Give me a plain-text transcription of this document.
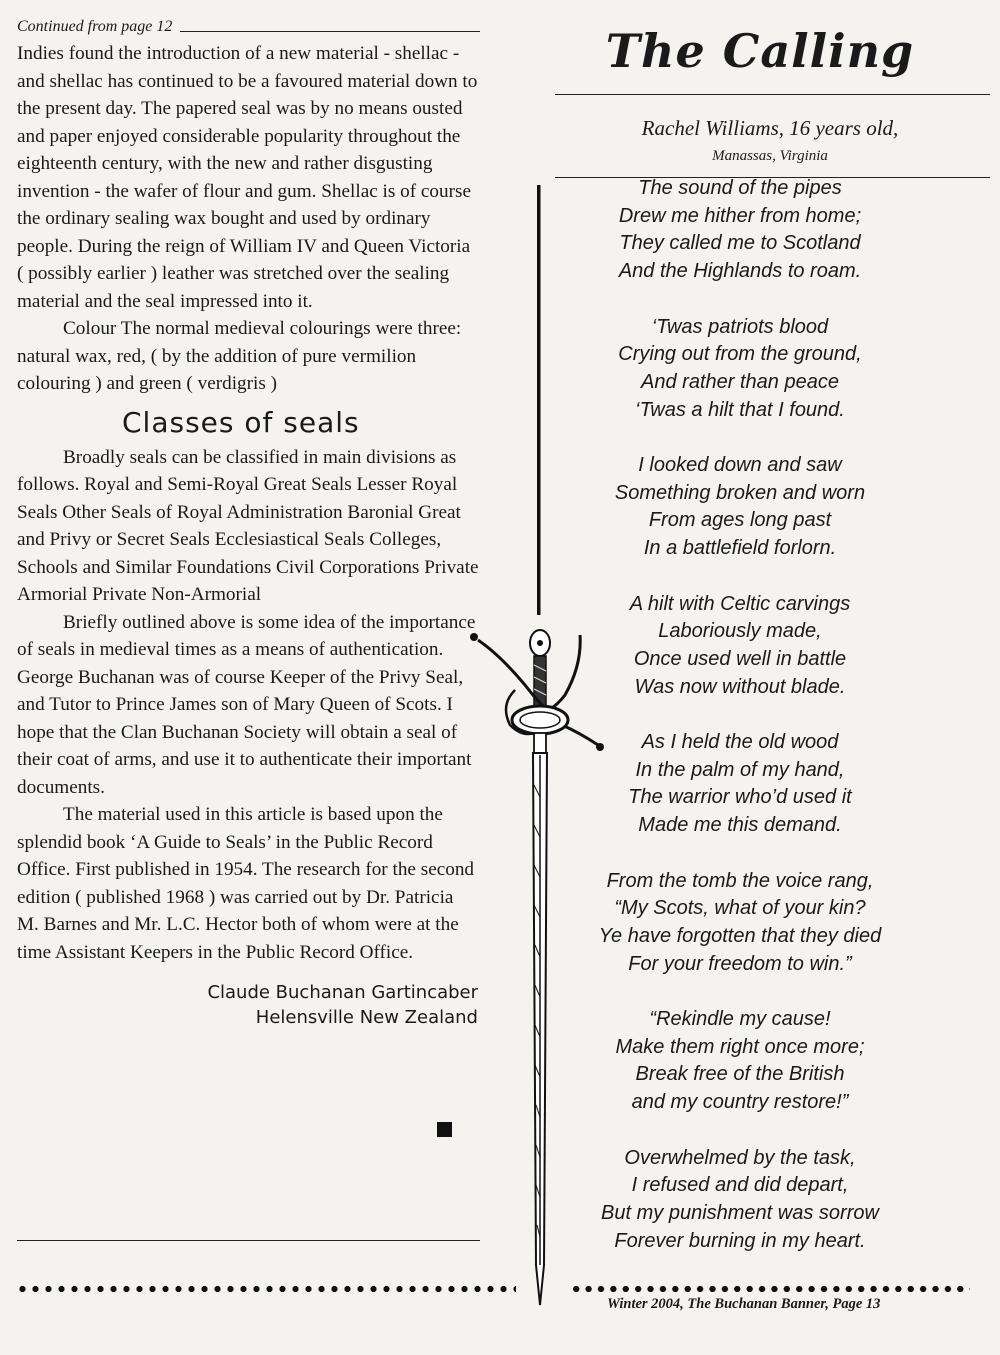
Continued from page 12

Indies found the introduction of a new material - shellac - and shellac has continued to be a favoured material down to the present day. The papered seal was by no means ousted and paper enjoyed considerable popularity throughout the eighteenth century, with the new and rather disgusting invention - the wafer of flour and gum. Shellac is of course the ordinary sealing wax bought and used by ordinary people. During the reign of William IV and Queen Victoria ( possibly earlier ) leather was stretched over the sealing material and the seal impressed into it.

Colour The normal medieval colourings were three: natural wax, red, ( by the addition of pure vermilion colouring ) and green ( verdigris )

Classes of seals

Broadly seals can be classified in main divisions as follows. Royal and Semi-Royal Great Seals Lesser Royal Seals Other Seals of Royal Administration Baronial Great and Privy or Secret Seals Ecclesiastical Seals Colleges, Schools and Similar Foundations Civil Corporations Private Armorial Private Non-Armorial

Briefly outlined above is some idea of the importance of seals in medieval times as a means of authentication. George Buchanan was of course Keeper of the Privy Seal, and Tutor to Prince James son of Mary Queen of Scots. I hope that the Clan Buchanan Society will obtain a seal of their coat of arms, and use it to authenticate their important documents.

The material used in this article is based upon the splendid book ‘A Guide to Seals’ in the Public Record Office. First published in 1954. The research for the second edition ( published 1968 ) was carried out by Dr. Patricia M. Barnes and Mr. L.C. Hector both of whom were at the time Assistant Keepers in the Public Record Office.

Claude Buchanan Gartincaber
Helensville New Zealand
The Calling
Rachel Williams, 16 years old,
Manassas, Virginia
The sound of the pipes
Drew me hither from home;
They called me to Scotland
And the Highlands to roam.
‘Twas patriots blood
Crying out from the ground,
And rather than peace
‘Twas a hilt that I found.
I looked down and saw
Something broken and worn
From ages long past
In a battlefield forlorn.
A hilt with Celtic carvings
Laboriously made,
Once used well in battle
Was now without blade.
As I held the old wood
In the palm of my hand,
The warrior who’d used it
Made me this demand.
From the tomb the voice rang,
“My Scots, what of your kin?
Ye have forgotten that they died
For your freedom to win.”
“Rekindle my cause!
Make them right once more;
Break free of the British
and my country restore!”
Overwhelmed by the task,
I refused and did depart,
But my punishment was sorrow
Forever burning in my heart.
Winter 2004, The Buchanan Banner, Page 13
